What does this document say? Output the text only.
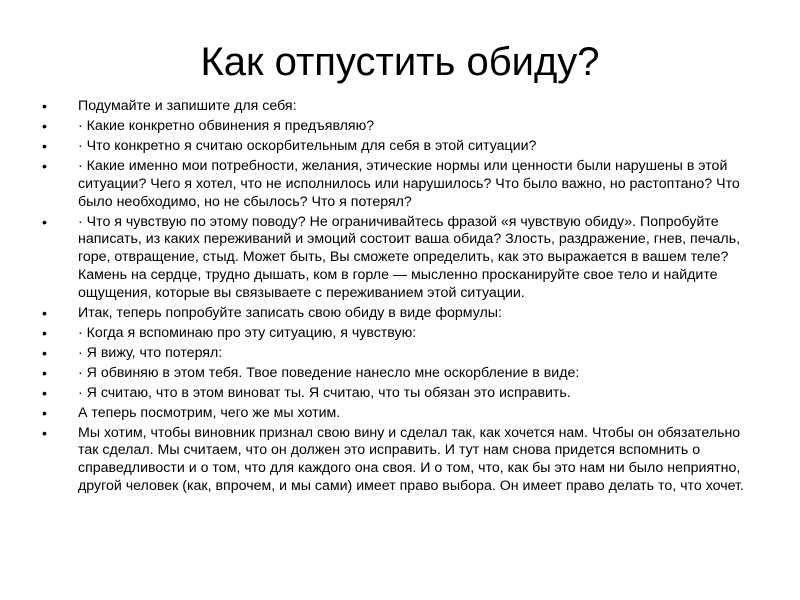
Как отпустить обиду?
•	Подумайте и запишите для себя:
•	· Какие конкретно обвинения я предъявляю?
•	· Что конкретно я считаю оскорбительным для себя в этой ситуации?
•	· Какие именно мои потребности, желания, этические нормы или ценности были нарушены в этой ситуации? Чего я хотел, что не исполнилось или нарушилось? Что было важно, но растоптано? Что было необходимо, но не сбылось? Что я потерял?
•	· Что я чувствую по этому поводу? Не ограничивайтесь фразой «я чувствую обиду». Попробуйте написать, из каких переживаний и эмоций состоит ваша обида? Злость, раздражение, гнев, печаль, горе, отвращение, стыд. Может быть, Вы сможете определить, как это выражается в вашем теле? Камень на сердце, трудно дышать, ком в горле — мысленно просканируйте свое тело и найдите ощущения, которые вы связываете с переживанием этой ситуации.
•	Итак, теперь попробуйте записать свою обиду в виде формулы:
•	· Когда я вспоминаю про эту ситуацию, я чувствую:
•	· Я вижу, что потерял:
•	· Я обвиняю в этом тебя. Твое поведение нанесло мне оскорбление в виде:
•	· Я считаю, что в этом виноват ты. Я считаю, что ты обязан это исправить.
•	А теперь посмотрим, чего же мы хотим.
•	Мы хотим, чтобы виновник признал свою вину и сделал так, как хочется нам. Чтобы он обязательно так сделал. Мы считаем, что он должен это исправить. И тут нам снова придется вспомнить о справедливости и о том, что для каждого она своя. И о том, что, как бы это нам ни было неприятно, другой человек (как, впрочем, и мы сами) имеет право выбора. Он имеет право делать то, что хочет.
